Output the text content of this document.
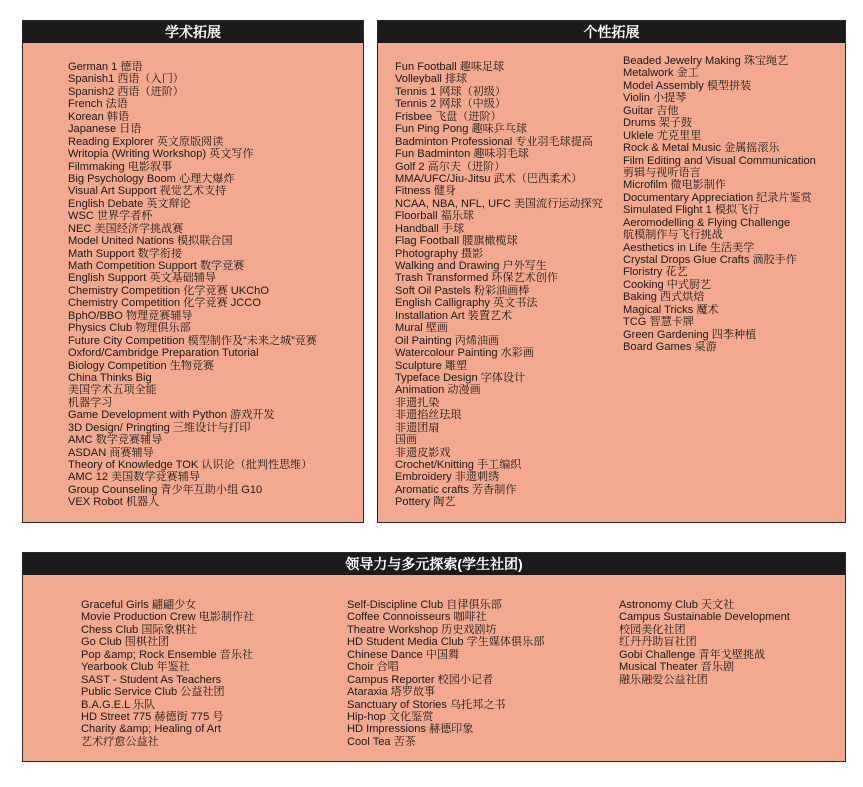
学术拓展
German 1 德语
Spanish1 西语（入门）
Spanish2 西语（进阶）
French 法语
Korean 韩语
Japanese 日语
Reading Explorer 英文原版阅读
Writopia (Writing Workshop) 英文写作
Filmmaking 电影叙事
Big Psychology Boom 心理大爆炸
Visual Art Support 视觉艺术支持
English Debate 英文辩论
WSC 世界学者杯
NEC 美国经济学挑战赛
Model United Nations 模拟联合国
Math Support 数学衔接
Math Competition Support 数学竞赛
English Support 英文基础辅导
Chemistry Competition 化学竞赛 UKChO
Chemistry Competition 化学竞赛 JCCO
BphO/BBO 物理竞赛辅导
Physics Club 物理俱乐部
Future City Competition 模型制作及“未来之城”竞赛
Oxford/Cambridge Preparation Tutorial
Biology Competition 生物竞赛
China Thinks Big
美国学术五项全能
机器学习
Game Development with Python 游戏开发
3D Design/ Pringting 三维设计与打印
AMC 数学竞赛辅导
ASDAN 商赛辅导
Theory of Knowledge TOK 认识论（批判性思维）
AMC 12 美国数学竞赛辅导
Group Counseling 青少年互助小组 G10
VEX Robot 机器人
个性拓展
Fun Football 趣味足球
Volleyball 排球
Tennis 1 网球（初级）
Tennis 2 网球（中级）
Frisbee 飞盘（进阶）
Fun Ping Pong 趣味乒乓球
Badminton Professional 专业羽毛球提高
Fun Badminton 趣味羽毛球
Golf 2 高尔夫（进阶）
MMA/UFC/Jiu-Jitsu 武术（巴西柔术）
Fitness 健身
NCAA, NBA, NFL, UFC 美国流行运动探究
Floorball 福乐球
Handball 手球
Flag Football 腰旗橄榄球
Photography 摄影
Walking and Drawing 户外写生
Trash Transformed 环保艺术创作
Soft Oil Pastels 粉彩油画棒
English Calligraphy 英文书法
Installation Art 装置艺术
Mural 壁画
Oil Painting 丙烯油画
Watercolour Painting 水彩画
Sculpture 雕塑
Typeface Design 字体设计
Animation 动漫画
非遗扎染
非遗掐丝珐琅
非遗团扇
国画
非遗皮影戏
Crochet/Knitting 手工编织
Embroidery 非遗刺绣
Aromatic crafts 芳香制作
Pottery 陶艺
Beaded Jewelry Making 珠宝绳艺
Metalwork 金工
Model Assembly 模型拼装
Violin 小提琴
Guitar 吉他
Drums 架子鼓
Uklele 尤克里里
Rock & Metal Music 金属摇滚乐
Film Editing and Visual Communication
剪辑与视听语言
Microfilm 微电影制作
Documentary Appreciation 纪录片鉴赏
Simulated Flight 1 模拟飞行
Aeromodelling & Flying Challenge
航模制作与飞行挑战
Aesthetics in Life 生活美学
Crystal Drops Glue Crafts 滴胶手作
Floristry 花艺
Cooking 中式厨艺
Baking 西式烘焙
Magical Tricks 魔术
TCG 智慧卡牌
Green Gardening 四季种植
Board Games 桌游
领导力与多元探索(学生社团)
Graceful Girls 翩翩少女
Movie Production Crew 电影制作社
Chess Club 国际象棋社
Go Club 围棋社团
Pop &amp; Rock Ensemble 音乐社
Yearbook Club 年鉴社
SAST - Student As Teachers
Public Service Club 公益社团
B.A.G.E.L 乐队
HD Street 775 赫德街 775 号
Charity &amp; Healing of Art
艺术疗愈公益社
Self-Discipline Club 自律俱乐部
Coffee Connoisseurs 咖啡社
Theatre Workshop 历史戏剧坊
HD Student Media Club 学生媒体俱乐部
Chinese Dance 中国舞
Choir 合唱
Campus Reporter 校园小记者
Ataraxia 塔罗故事
Sanctuary of Stories 乌托邦之书
Hip-hop 文化鉴赏
HD Impressions 赫德印象
Cool Tea 苦茶
Astronomy Club 天文社
Campus Sustainable Development
校园美化社团
红丹丹助盲社团
Gobi Challenge 青年戈壁挑战
Musical Theater 音乐剧
融乐融爱公益社团
